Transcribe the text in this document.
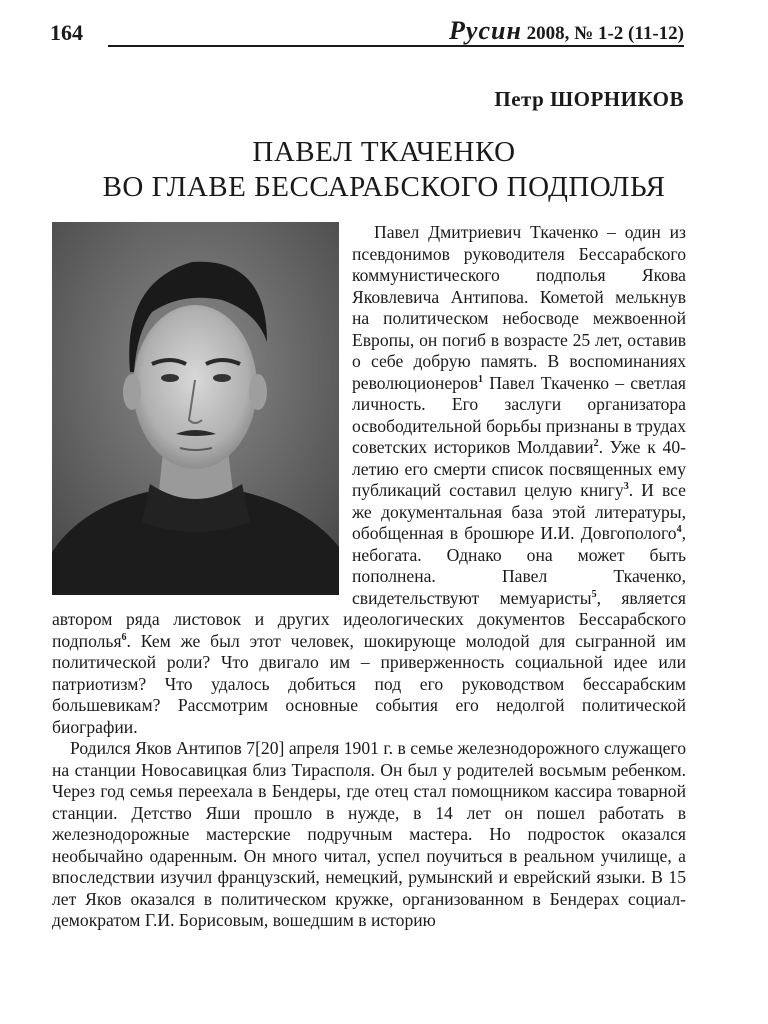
164	Русин 2008, № 1-2 (11-12)
Петр ШОРНИКОВ
ПАВЕЛ ТКАЧЕНКО
ВО ГЛАВЕ БЕССАРАБСКОГО ПОДПОЛЬЯ

Павел Дмитриевич Ткаченко – один из псевдонимов руководителя Бессарабского коммунистического подполья Якова Яковлевича Антипова. Кометой мелькнув на политическом небосводе межвоенной Европы, он погиб в возрасте 25 лет, оставив о себе добрую память. В воспоминаниях революционеров$^1$ Павел Ткаченко – светлая личность. Его заслуги организатора освободительной борьбы признаны в трудах советских историков Молдавии$^2$. Уже к 40-летию его смерти список посвященных ему публикаций составил целую книгу$^3$. И все же документальная база этой литературы, обобщенная в брошюре И.И. Довгополого$^4$, небогата. Однако она может быть пополнена. Павел Ткаченко, свидетельствуют мемуаристы$^5$, является автором ряда листовок и других идеологических документов Бессарабского подполья$^6$. Кем же был этот человек, шокирующе молодой для сыгранной им политической роли? Что двигало им – приверженность социальной идее или патриотизм? Что удалось добиться под его руководством бессарабским большевикам? Рассмотрим основные события его недолгой политической биографии.

Родился Яков Антипов 7[20] апреля 1901 г. в семье железнодорожного служащего на станции Новосавицкая близ Тирасполя. Он был у родителей восьмым ребенком. Через год семья переехала в Бендеры, где отец стал помощником кассира товарной станции. Детство Яши прошло в нужде, в 14 лет он пошел работать в железнодорожные мастерские подручным мастера. Но подросток оказался необычайно одаренным. Он много читал, успел поучиться в реальном училище, а впоследствии изучил французский, немецкий, румынский и еврейский языки. В 15 лет Яков оказался в политическом кружке, организованном в Бендерах социал-демократом Г.И. Борисовым, вошедшим в историю
